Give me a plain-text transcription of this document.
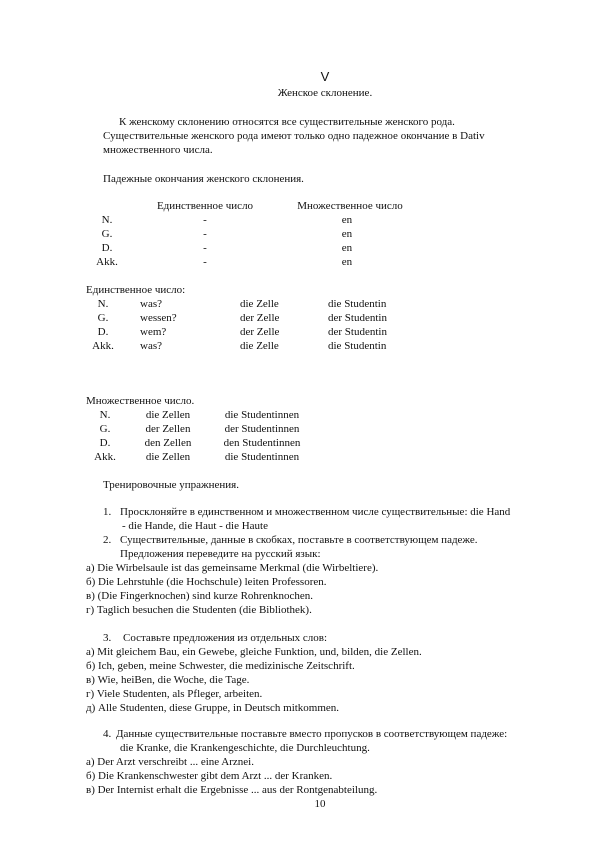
V
Женское склонение.
К женскому склонению относятся все существительные женского рода.
Существительные женского рода имеют только одно падежное окончание в Dativ
множественного числа.
Падежные окончания женского склонения.
Единственное число	Множественное число
N.	-	en
G.	-	en
D.	-	en
Akk.	-	en
Единственное число:
N.	was?	die Zelle	die Studentin
G.	wessen?	der Zelle	der Studentin
D.	wem?	der Zelle	der Studentin
Akk.	was?	die Zelle	die Studentin
Множественное число.
N.	die Zellen	die Studentinnen
G.	der Zellen	der Studentinnen
D.	den Zellen	den Studentinnen
Akk.	die Zellen	die Studentinnen
Тренировочные упражнения.
1. Просклоняйте в единственном и множественном числе существительные: die Hand
- die Hande, die Haut - die Haute
2. Существительные, данные в скобках, поставьте в соответствующем падеже.
Предложения переведите на русский язык:
а) Die Wirbelsaule ist das gemeinsame Merkmal (die Wirbeltiere).
б) Die Lehrstuhle (die Hochschule) leiten Professoren.
в) (Die Fingerknochen) sind kurze Rohrenknochen.
г) Taglich besuchen die Studenten (die Bibliothek).
3. Составьте предложения из отдельных слов:
а) Mit gleichem Bau, ein Gewebe, gleiche Funktion, und, bilden, die Zellen.
б) Ich, geben, meine Schwester, die medizinische Zeitschrift.
в) Wie, heiBen, die Woche, die Tage.
г) Viele Studenten, als Pfleger, arbeiten.
д) Alle Studenten, diese Gruppe, in Deutsch mitkommen.
4. Данные существительные поставьте вместо пропусков в соответствующем падеже:
die Kranke, die Krankengeschichte, die Durchleuchtung.
а) Der Arzt verschreibt ... eine Arznei.
б) Die Krankenschwester gibt dem Arzt ... der Kranken.
в) Der Internist erhalt die Ergebnisse ... aus der Rontgenabteilung.
10
